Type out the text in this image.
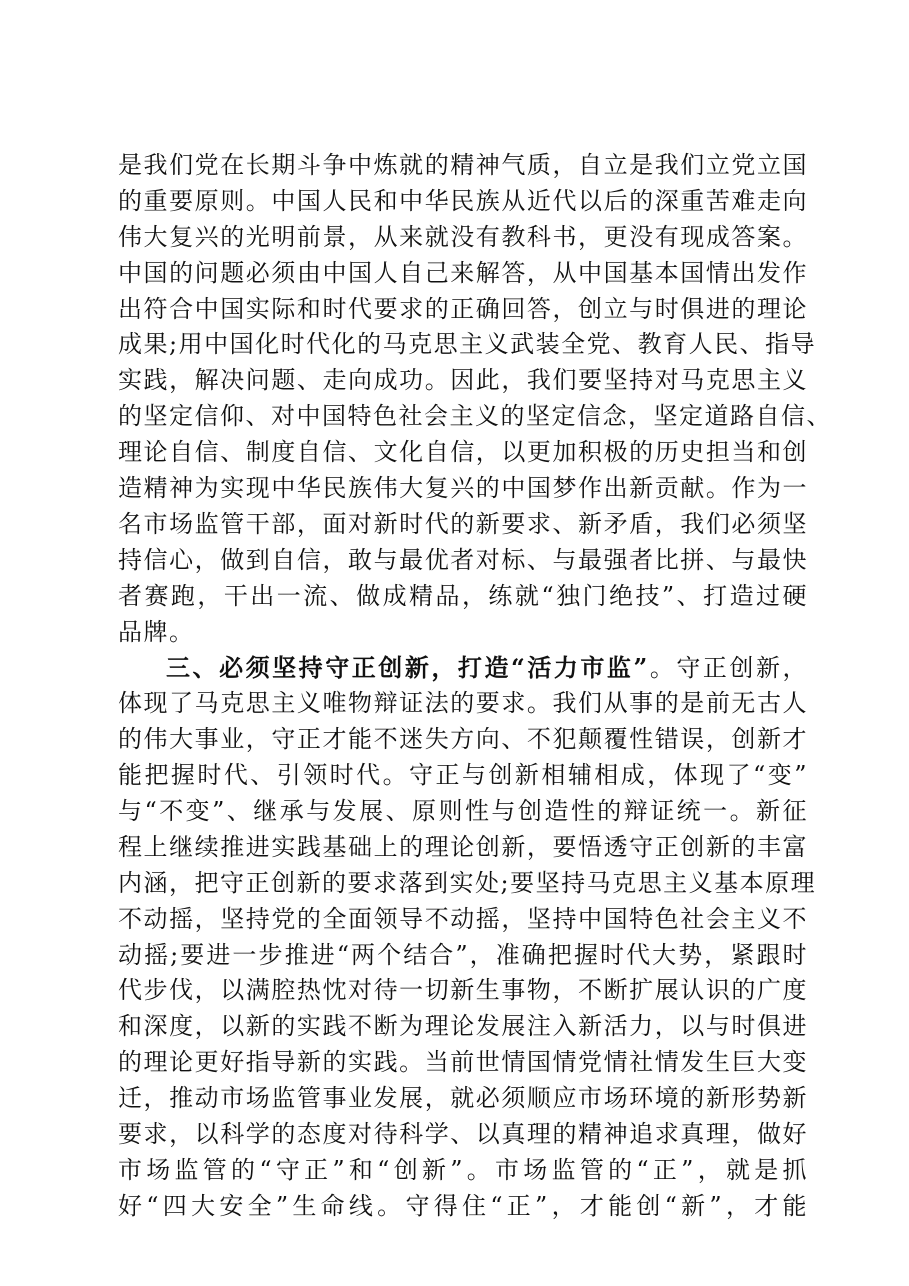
是我们党在长期斗争中炼就的精神气质，自立是我们立党立国
的重要原则。中国人民和中华民族从近代以后的深重苦难走向
伟大复兴的光明前景，从来就没有教科书，更没有现成答案。
中国的问题必须由中国人自己来解答，从中国基本国情出发作
出符合中国实际和时代要求的正确回答，创立与时俱进的理论
成果;用中国化时代化的马克思主义武装全党、教育人民、指导
实践，解决问题、走向成功。因此，我们要坚持对马克思主义
的坚定信仰、对中国特色社会主义的坚定信念，坚定道路自信、
理论自信、制度自信、文化自信，以更加积极的历史担当和创
造精神为实现中华民族伟大复兴的中国梦作出新贡献。作为一
名市场监管干部，面对新时代的新要求、新矛盾，我们必须坚
持信心，做到自信，敢与最优者对标、与最强者比拼、与最快
者赛跑，干出一流、做成精品，练就“独门绝技”、打造过硬
品牌。
三、必须坚持守正创新，打造“活力市监”。守正创新，
体现了马克思主义唯物辩证法的要求。我们从事的是前无古人
的伟大事业，守正才能不迷失方向、不犯颠覆性错误，创新才
能把握时代、引领时代。守正与创新相辅相成，体现了“变”
与“不变”、继承与发展、原则性与创造性的辩证统一。新征
程上继续推进实践基础上的理论创新，要悟透守正创新的丰富
内涵，把守正创新的要求落到实处;要坚持马克思主义基本原理
不动摇，坚持党的全面领导不动摇，坚持中国特色社会主义不
动摇;要进一步推进“两个结合”，准确把握时代大势，紧跟时
代步伐，以满腔热忱对待一切新生事物，不断扩展认识的广度
和深度，以新的实践不断为理论发展注入新活力，以与时俱进
的理论更好指导新的实践。当前世情国情党情社情发生巨大变
迁，推动市场监管事业发展，就必须顺应市场环境的新形势新
要求，以科学的态度对待科学、以真理的精神追求真理，做好
市场监管的“守正”和“创新”。市场监管的“正”，就是抓
好“四大安全”生命线。守得住“正”，才能创“新”，才能
